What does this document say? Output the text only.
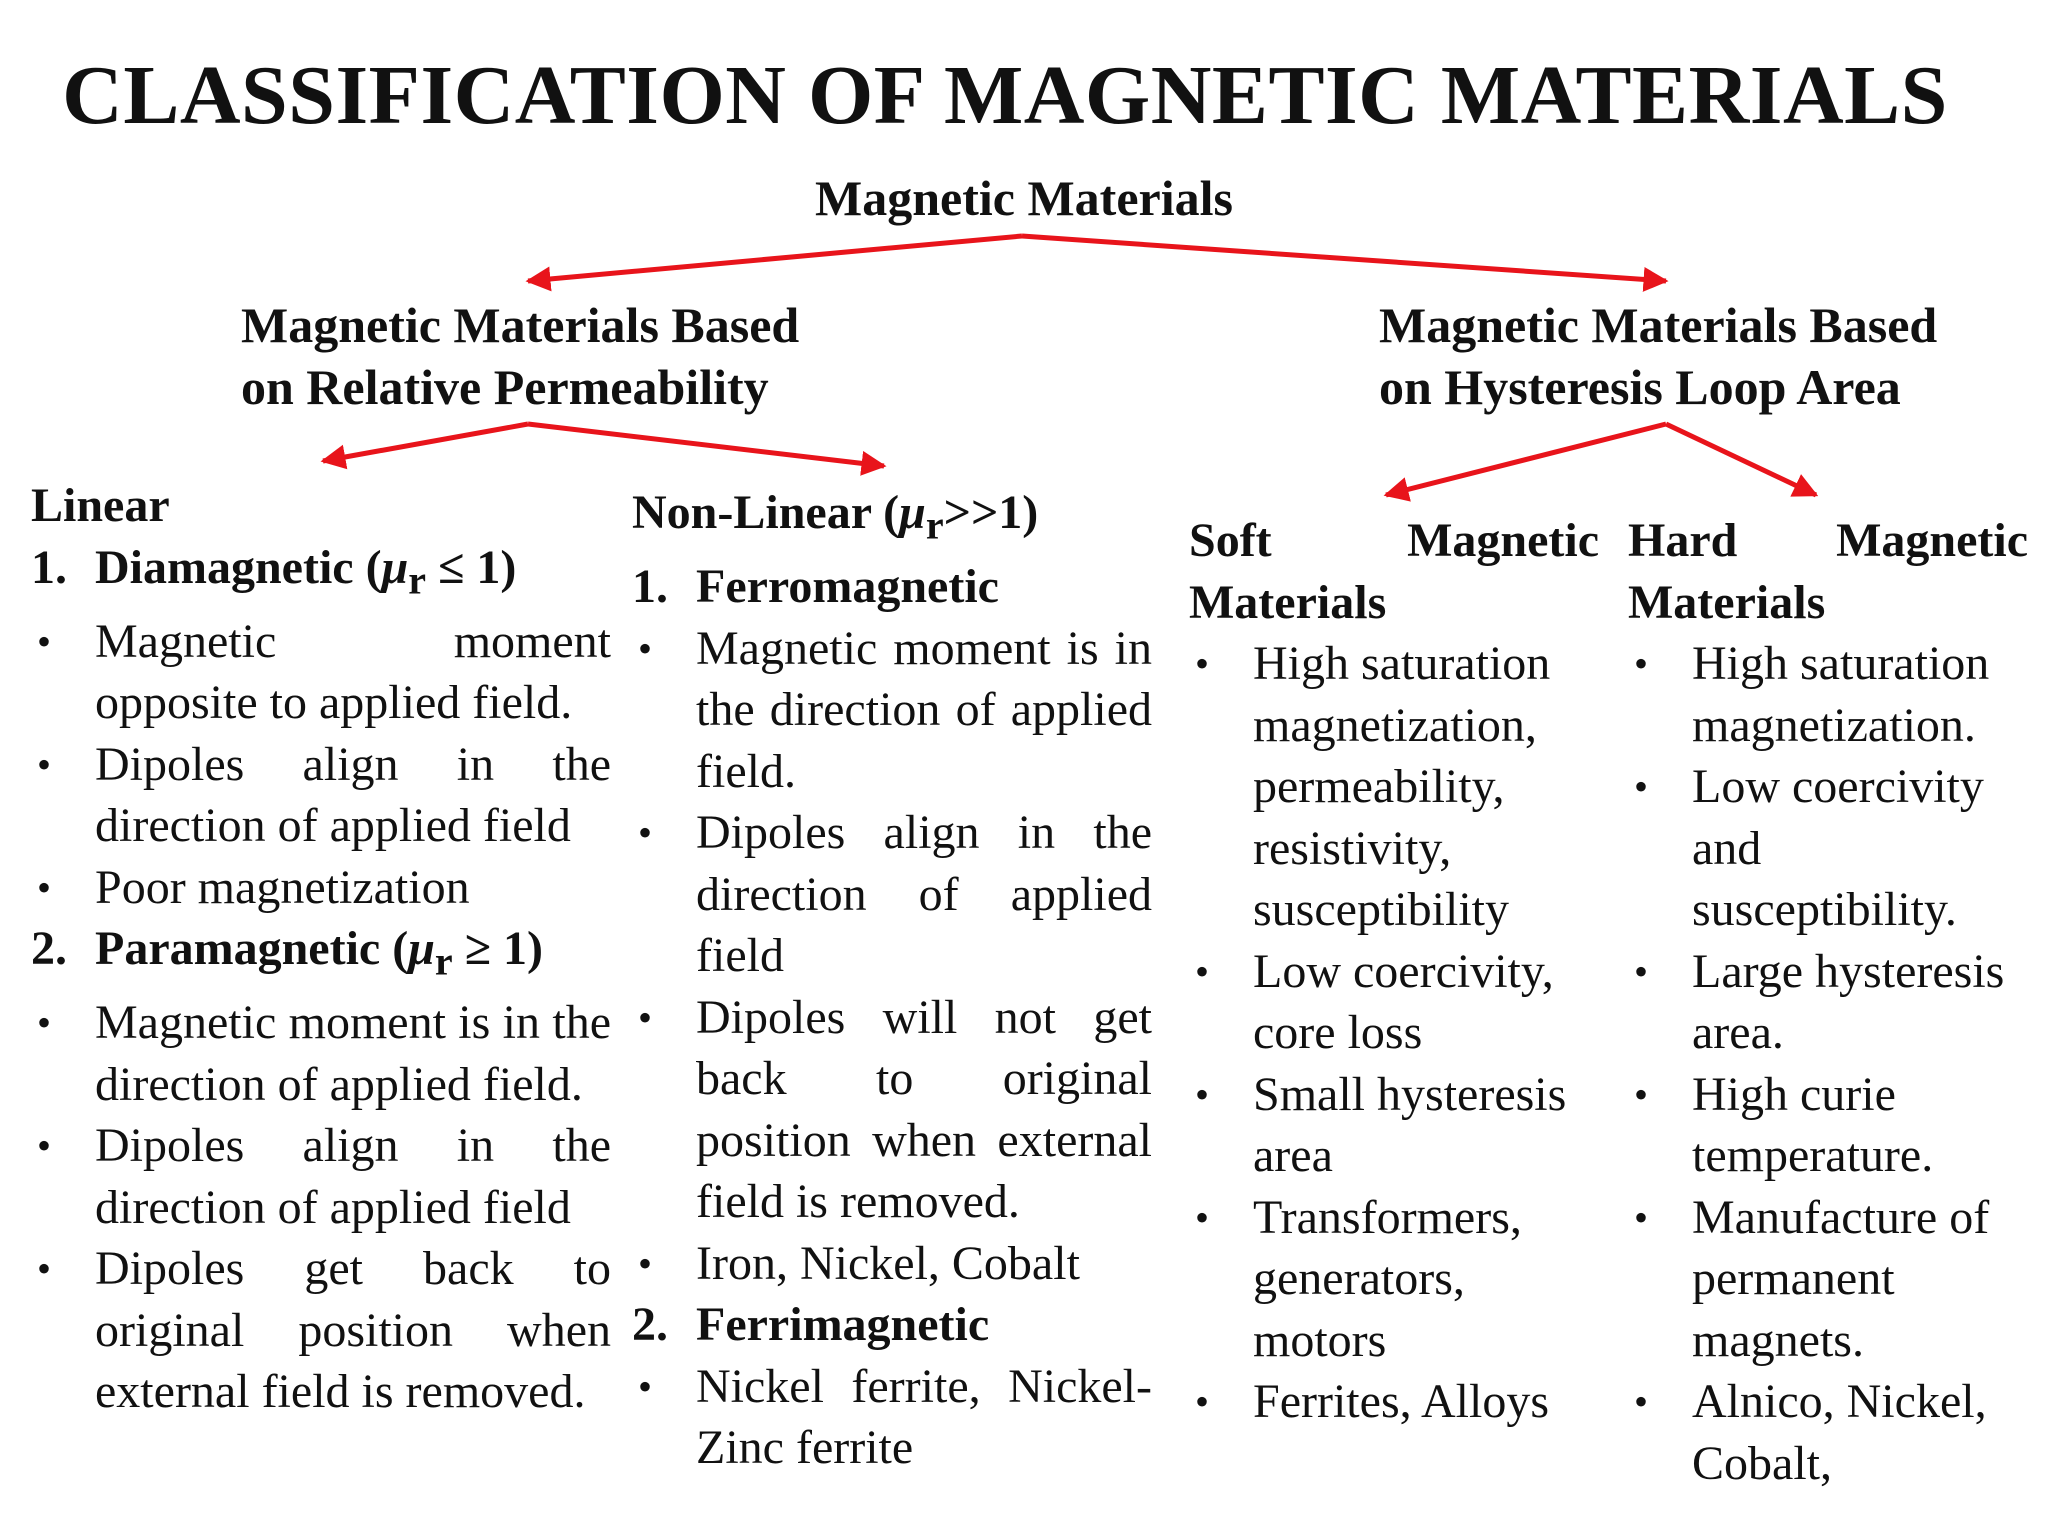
CLASSIFICATION OF MAGNETIC MATERIALS
Magnetic Materials
Magnetic Materials Based
on Relative Permeability
Magnetic Materials Based
on Hysteresis Loop Area
Linear
1. Diamagnetic $(\mu_r \le 1)$
• Magnetic moment opposite to applied field.
• Dipoles align in the direction of applied field
• Poor magnetization
2. Paramagnetic $(\mu_r \ge 1)$
• Magnetic moment is in the direction of applied field.
• Dipoles align in the direction of applied field
• Dipoles get back to original position when external field is removed.
Non-Linear $(\mu_r>>1)$
1. Ferromagnetic
• Magnetic moment is in the direction of applied field.
• Dipoles align in the direction of applied field
• Dipoles will not get back to original position when external field is removed.
• Iron, Nickel, Cobalt
2. Ferrimagnetic
• Nickel ferrite, Nickel-Zinc ferrite
Soft Magnetic Materials
• High saturation magnetization, permeability, resistivity, susceptibility
• Low coercivity, core loss
• Small hysteresis area
• Transformers, generators, motors
• Ferrites, Alloys
Hard Magnetic Materials
• High saturation magnetization.
• Low coercivity and susceptibility.
• Large hysteresis area.
• High curie temperature.
• Manufacture of permanent magnets.
• Alnico, Nickel, Cobalt,
